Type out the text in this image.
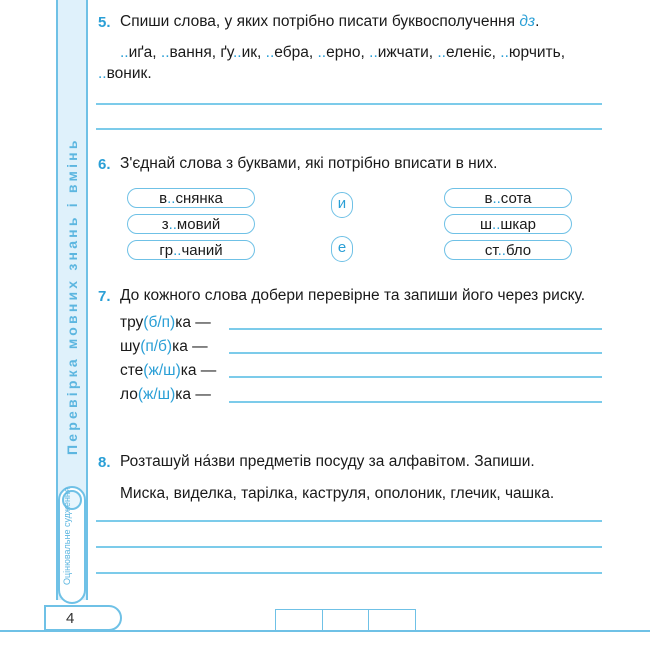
Перевірка мовних знань і вмінь
4
5. Спиши слова, у яких потрібно писати буквосполучення дз.
..иґа, ..вання, ґу..ик, ..ебра, ..ерно, ..ижчати, ..еленіє, ..юрчить,
..воник.
6. З'єднай слова з буквами, які потрібно вписати в них.
в..снянка
з..мовий
гр..чаний
и
е
в..сота
ш..шкар
ст..бло
7. До кожного слова добери перевірне та запиши його через риску.
тру(б/п)ка —
шу(п/б)ка —
сте(ж/ш)ка —
ло(ж/ш)ка —
8. Розташуй на́зви предметів посуду за алфавітом. Запиши.
Миска, виделка, тарілка, каструля, ополоник, глечик, чашка.
